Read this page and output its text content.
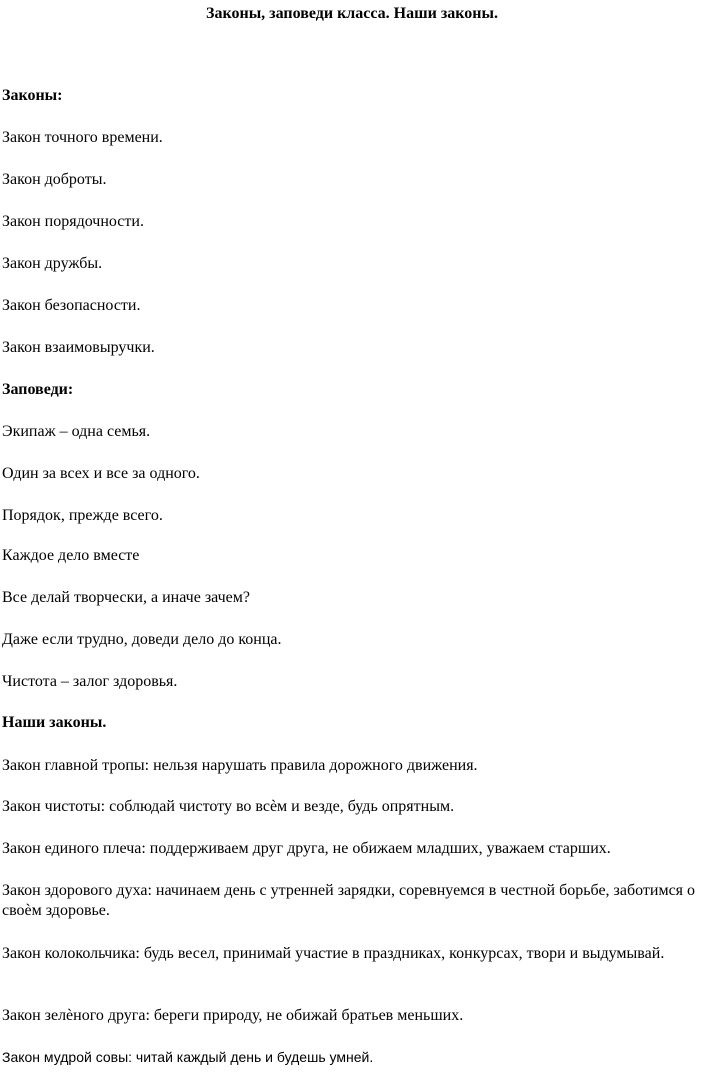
Законы, заповеди класса. Наши законы.
Законы:
Закон точного времени.
Закон доброты.
Закон порядочности.
Закон дружбы.
Закон безопасности.
Закон взаимовыручки.
Заповеди:
Экипаж – одна семья.
Один за всех и все за одного.
Порядок, прежде всего.
Каждое дело вместе
Все делай творчески, а иначе зачем?
Даже если трудно, доведи дело до конца.
Чистота – залог здоровья.
Наши законы.
Закон главной тропы: нельзя нарушать правила дорожного движения.
Закон чистоты: соблюдай чистоту во всѐм и везде, будь опрятным.
Закон единого плеча: поддерживаем друг друга, не обижаем младших, уважаем старших.
Закон здорового духа: начинаем день с утренней зарядки, соревнуемся в честной борьбе, заботимся о своѐм здоровье.
Закон колокольчика: будь весел, принимай участие в праздниках, конкурсах, твори и выдумывай.
Закон зелѐного друга: береги природу, не обижай братьев меньших.
Закон мудрой совы: читай каждый день и будешь умней.
